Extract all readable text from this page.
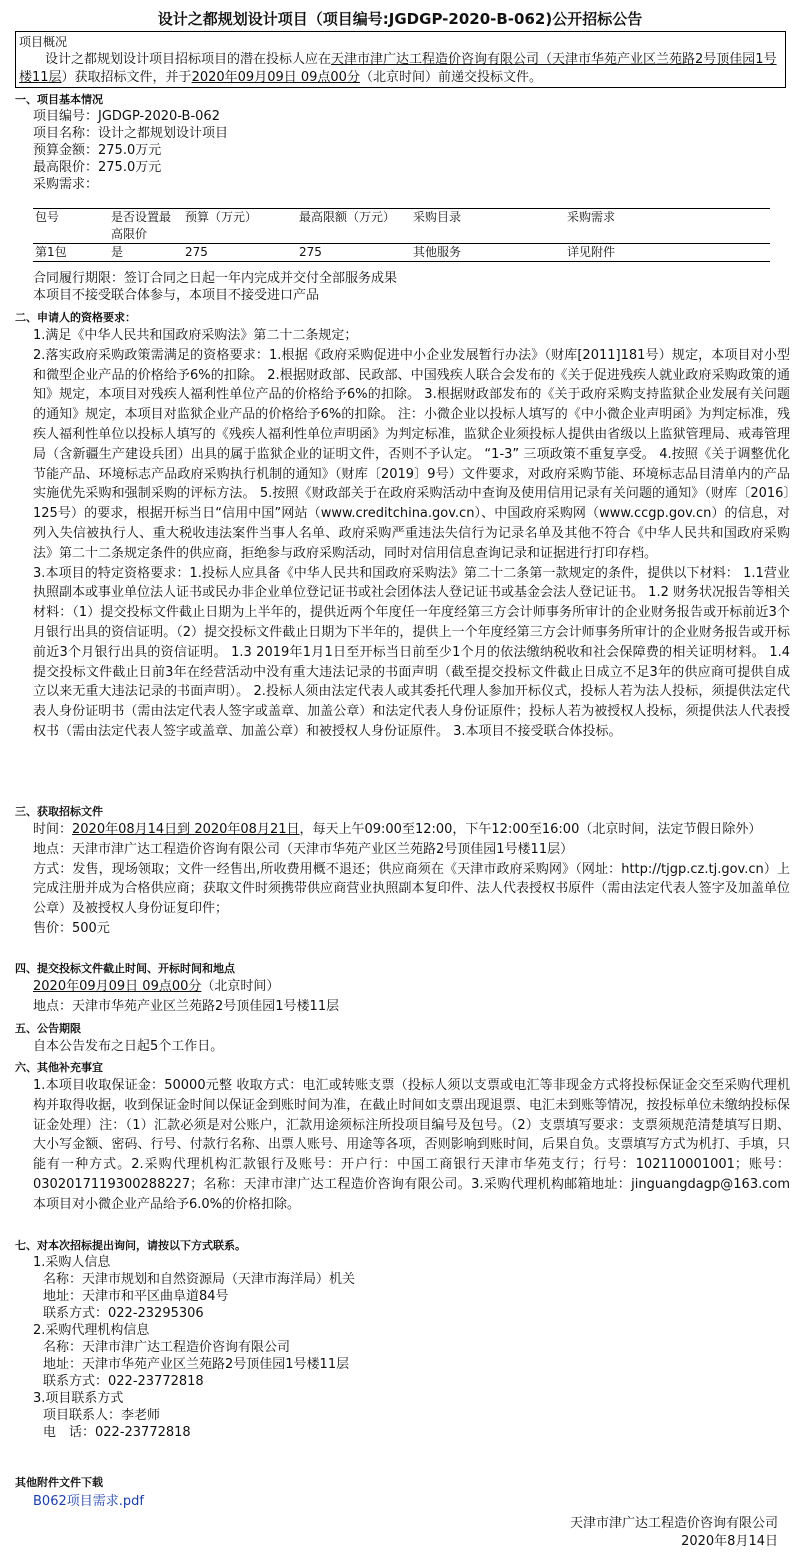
设计之都规划设计项目（项目编号:JGDGP-2020-B-062)公开招标公告
项目概况

设计之都规划设计项目招标项目的潜在投标人应在天津市津广达工程造价咨询有限公司（天津市华苑产业区兰苑路2号顶佳园1号楼11层）获取招标文件，并于2020年09月09日 09点00分（北京时间）前递交投标文件。

一、项目基本情况
项目编号：JGDGP-2020-B-062
项目名称：设计之都规划设计项目
预算金额：275.0万元
最高限价：275.0万元
采购需求：
包号	是否设置最高限价	预算（万元）	最高限额（万元）	采购目录	采购需求
第1包	是	275	275	其他服务	详见附件
合同履行期限：签订合同之日起一年内完成并交付全部服务成果
本项目不接受联合体参与，本项目不接受进口产品
二、申请人的资格要求：
1.满足《中华人民共和国政府采购法》第二十二条规定；
2.落实政府采购政策需满足的资格要求：1.根据《政府采购促进中小企业发展暂行办法》（财库[2011]181号）规定，本项目对小型和微型企业产品的价格给予6%的扣除。 2.根据财政部、民政部、中国残疾人联合会发布的《关于促进残疾人就业政府采购政策的通知》规定，本项目对残疾人福利性单位产品的价格给予6%的扣除。 3.根据财政部发布的《关于政府采购支持监狱企业发展有关问题的通知》规定，本项目对监狱企业产品的价格给予6%的扣除。 注：小微企业以投标人填写的《中小微企业声明函》为判定标准，残疾人福利性单位以投标人填写的《残疾人福利性单位声明函》为判定标准，监狱企业须投标人提供由省级以上监狱管理局、戒毒管理局（含新疆生产建设兵团）出具的属于监狱企业的证明文件，否则不予认定。 “1-3” 三项政策不重复享受。 4.按照《关于调整优化节能产品、环境标志产品政府采购执行机制的通知》（财库〔2019〕9号）文件要求，对政府采购节能、环境标志品目清单内的产品实施优先采购和强制采购的评标方法。 5.按照《财政部关于在政府采购活动中查询及使用信用记录有关问题的通知》（财库〔2016〕125号）的要求，根据开标当日“信用中国”网站（www.creditchina.gov.cn）、中国政府采购网（www.ccgp.gov.cn）的信息，对列入失信被执行人、重大税收违法案件当事人名单、政府采购严重违法失信行为记录名单及其他不符合《中华人民共和国政府采购法》第二十二条规定条件的供应商，拒绝参与政府采购活动，同时对信用信息查询记录和证据进行打印存档。
3.本项目的特定资格要求：1.投标人应具备《中华人民共和国政府采购法》第二十二条第一款规定的条件，提供以下材料： 1.1营业执照副本或事业单位法人证书或民办非企业单位登记证书或社会团体法人登记证书或基金会法人登记证书。 1.2 财务状况报告等相关材料：（1）提交投标文件截止日期为上半年的，提供近两个年度任一年度经第三方会计师事务所审计的企业财务报告或开标前近3个月银行出具的资信证明。（2）提交投标文件截止日期为下半年的，提供上一个年度经第三方会计师事务所审计的企业财务报告或开标前近3个月银行出具的资信证明。 1.3 2019年1月1日至开标当日前至少1个月的依法缴纳税收和社会保障费的相关证明材料。 1.4 提交投标文件截止日前3年在经营活动中没有重大违法记录的书面声明（截至提交投标文件截止日成立不足3年的供应商可提供自成立以来无重大违法记录的书面声明）。 2.投标人须由法定代表人或其委托代理人参加开标仪式，投标人若为法人投标，须提供法定代表人身份证明书（需由法定代表人签字或盖章、加盖公章）和法定代表人身份证原件；投标人若为被授权人投标，须提供法人代表授权书（需由法定代表人签字或盖章、加盖公章）和被授权人身份证原件。 3.本项目不接受联合体投标。
三、获取招标文件
时间：2020年08月14日到 2020年08月21日，每天上午09:00至12:00，下午12:00至16:00（北京时间，法定节假日除外）
地点：天津市津广达工程造价咨询有限公司（天津市华苑产业区兰苑路2号顶佳园1号楼11层）
方式：发售，现场领取；文件一经售出,所收费用概不退还；供应商须在《天津市政府采购网》（网址：http://tjgp.cz.tj.gov.cn）上完成注册并成为合格供应商；获取文件时须携带供应商营业执照副本复印件、法人代表授权书原件（需由法定代表人签字及加盖单位公章）及被授权人身份证复印件；
售价：500元
四、提交投标文件截止时间、开标时间和地点
2020年09月09日 09点00分（北京时间）
地点：天津市华苑产业区兰苑路2号顶佳园1号楼11层
五、公告期限
自本公告发布之日起5个工作日。
六、其他补充事宜
1.本项目收取保证金：50000元整 收取方式：电汇或转账支票（投标人须以支票或电汇等非现金方式将投标保证金交至采购代理机构并取得收据，收到保证金时间以保证金到账时间为准，在截止时间如支票出现退票、电汇未到账等情况，按投标单位未缴纳投标保证金处理）注：（1）汇款必须是对公账户，汇款用途须标注所投项目编号及包号。（2）支票填写要求：支票须规范清楚填写日期、大小写金额、密码、行号、付款行名称、出票人账号、用途等各项，否则影响到账时间，后果自负。支票填写方式为机打、手填，只能有一种方式。2.采购代理机构汇款银行及账号：开户行：中国工商银行天津市华苑支行；行号：102110001001；账号：0302017119300288227；名称：天津市津广达工程造价咨询有限公司。3.采购代理机构邮箱地址：jinguangdagp@163.com 本项目对小微企业产品给予6.0%的价格扣除。
七、对本次招标提出询问，请按以下方式联系。
1.采购人信息
名称：天津市规划和自然资源局（天津市海洋局）机关
地址：天津市和平区曲阜道84号
联系方式：022-23295306
2.采购代理机构信息
名称：天津市津广达工程造价咨询有限公司
地址：天津市华苑产业区兰苑路2号顶佳园1号楼11层
联系方式：022-23772818
3.项目联系方式
项目联系人：李老师
电　话：022-23772818
其他附件文件下载
B062项目需求.pdf
天津市津广达工程造价咨询有限公司
2020年8月14日
